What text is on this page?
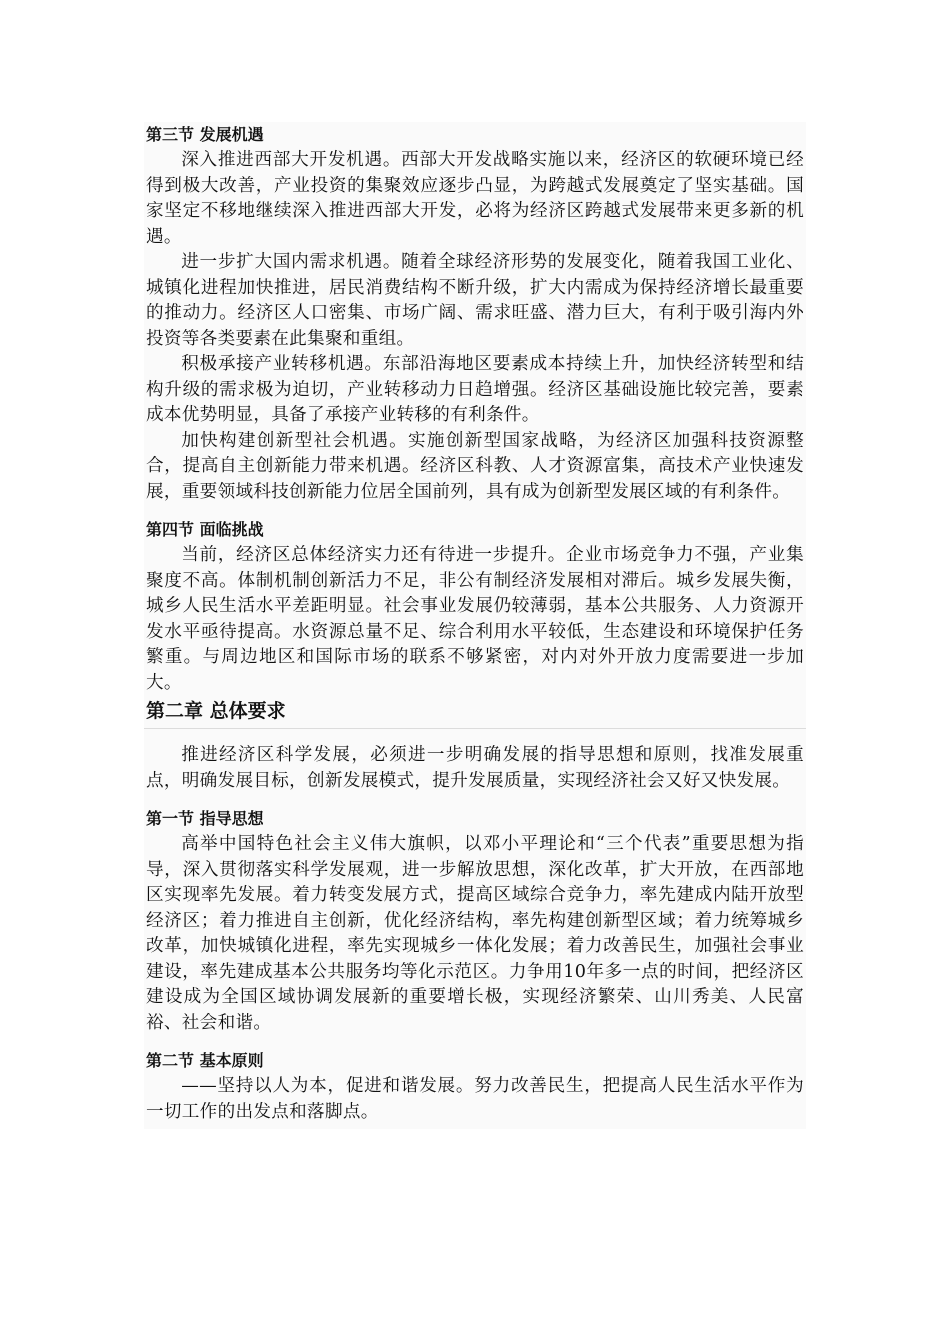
第三节 发展机遇

深入推进西部大开发机遇。西部大开发战略实施以来，经济区的软硬环境已经得到极大改善，产业投资的集聚效应逐步凸显，为跨越式发展奠定了坚实基础。国家坚定不移地继续深入推进西部大开发，必将为经济区跨越式发展带来更多新的机遇。

进一步扩大国内需求机遇。随着全球经济形势的发展变化，随着我国工业化、城镇化进程加快推进，居民消费结构不断升级，扩大内需成为保持经济增长最重要的推动力。经济区人口密集、市场广阔、需求旺盛、潜力巨大，有利于吸引海内外投资等各类要素在此集聚和重组。

积极承接产业转移机遇。东部沿海地区要素成本持续上升，加快经济转型和结构升级的需求极为迫切，产业转移动力日趋增强。经济区基础设施比较完善，要素成本优势明显，具备了承接产业转移的有利条件。

加快构建创新型社会机遇。实施创新型国家战略，为经济区加强科技资源整合，提高自主创新能力带来机遇。经济区科教、人才资源富集，高技术产业快速发展，重要领域科技创新能力位居全国前列，具有成为创新型发展区域的有利条件。

第四节 面临挑战

当前，经济区总体经济实力还有待进一步提升。企业市场竞争力不强，产业集聚度不高。体制机制创新活力不足，非公有制经济发展相对滞后。城乡发展失衡，城乡人民生活水平差距明显。社会事业发展仍较薄弱，基本公共服务、人力资源开发水平亟待提高。水资源总量不足、综合利用水平较低，生态建设和环境保护任务繁重。与周边地区和国际市场的联系不够紧密，对内对外开放力度需要进一步加大。

第二章 总体要求

推进经济区科学发展，必须进一步明确发展的指导思想和原则，找准发展重点，明确发展目标，创新发展模式，提升发展质量，实现经济社会又好又快发展。

第一节 指导思想

高举中国特色社会主义伟大旗帜，以邓小平理论和“三个代表”重要思想为指导，深入贯彻落实科学发展观，进一步解放思想，深化改革，扩大开放，在西部地区实现率先发展。着力转变发展方式，提高区域综合竞争力，率先建成内陆开放型经济区；着力推进自主创新，优化经济结构，率先构建创新型区域；着力统筹城乡改革，加快城镇化进程，率先实现城乡一体化发展；着力改善民生，加强社会事业建设，率先建成基本公共服务均等化示范区。力争用10年多一点的时间，把经济区建设成为全国区域协调发展新的重要增长极，实现经济繁荣、山川秀美、人民富裕、社会和谐。

第二节 基本原则

——坚持以人为本，促进和谐发展。努力改善民生，把提高人民生活水平作为一切工作的出发点和落脚点。
